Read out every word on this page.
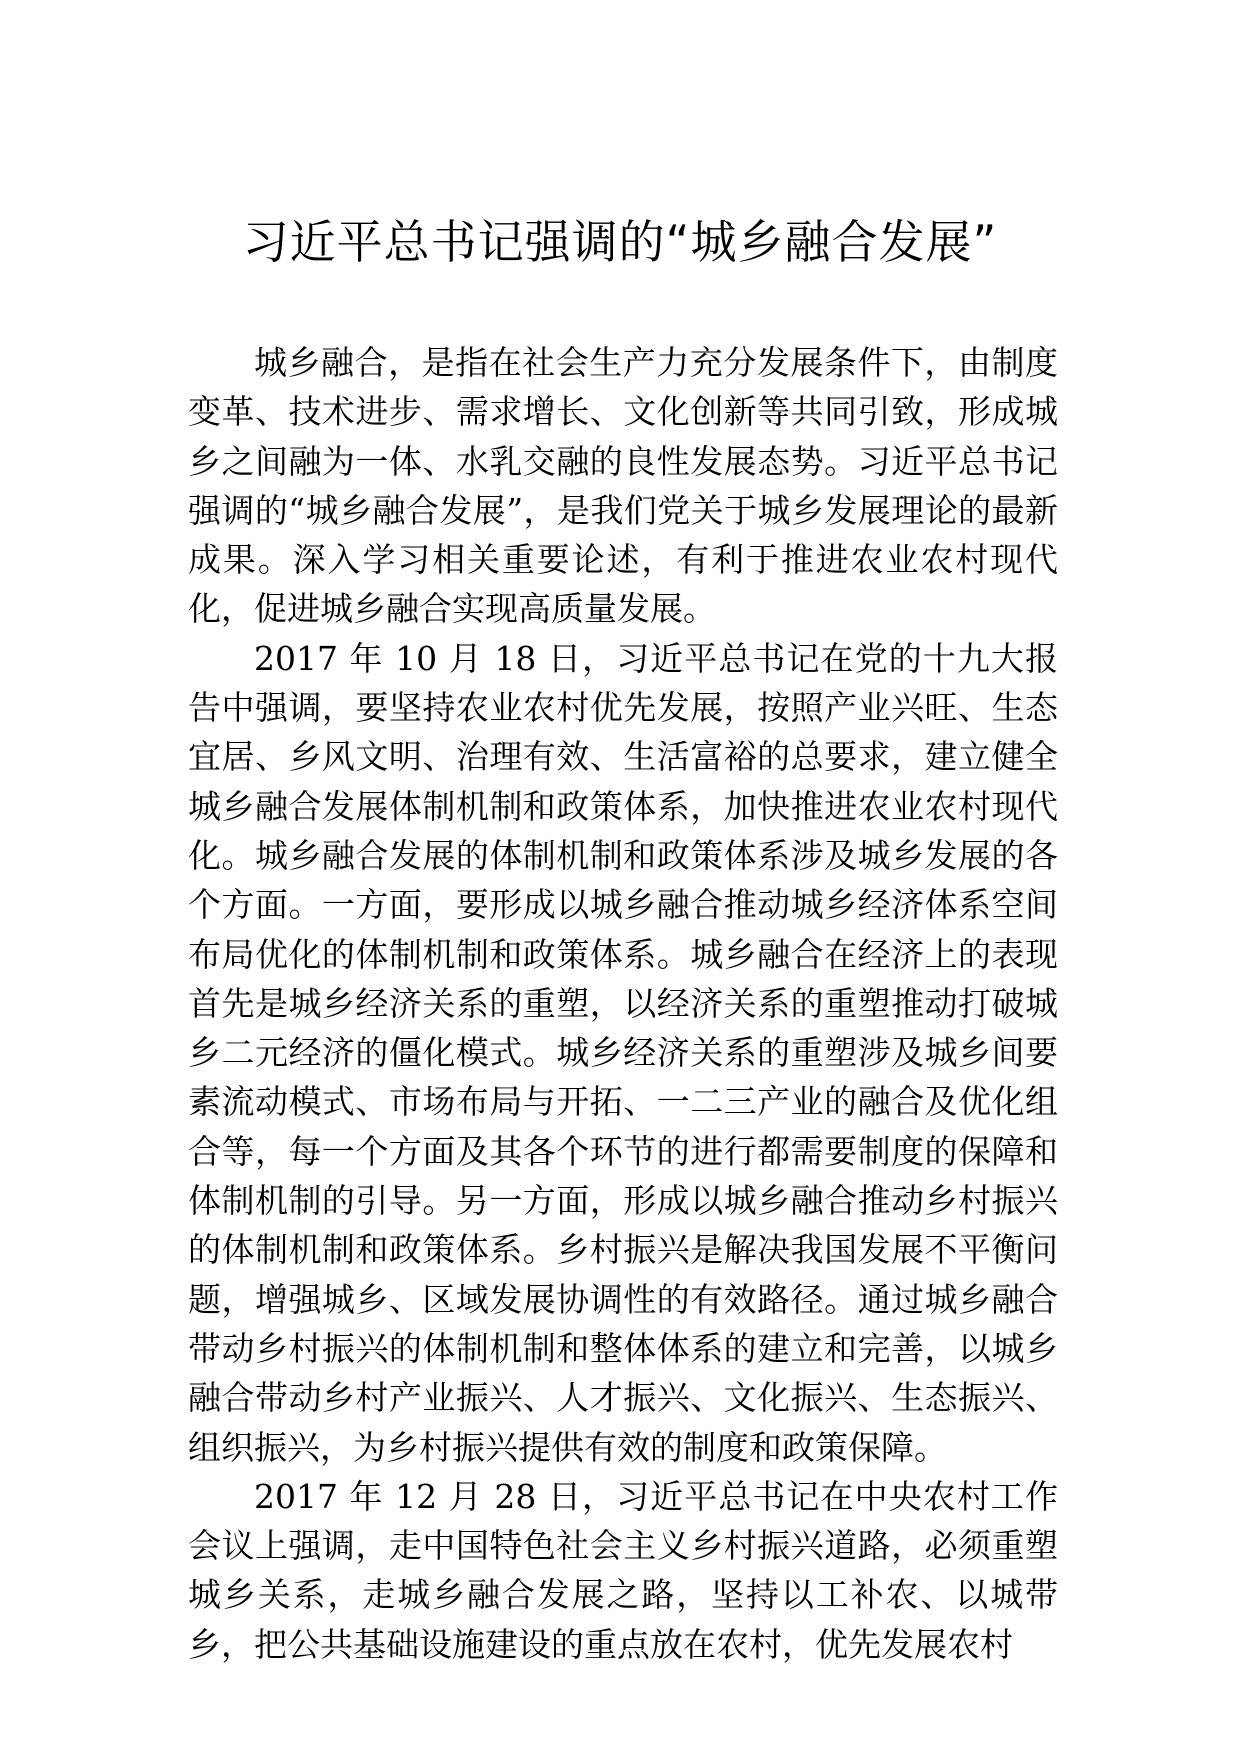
习近平总书记强调的“城乡融合发展”

城乡融合，是指在社会生产力充分发展条件下，由制度变革、技术进步、需求增长、文化创新等共同引致，形成城乡之间融为一体、水乳交融的良性发展态势。习近平总书记强调的“城乡融合发展”，是我们党关于城乡发展理论的最新成果。深入学习相关重要论述，有利于推进农业农村现代化，促进城乡融合实现高质量发展。

2017 年 10 月 18 日，习近平总书记在党的十九大报告中强调，要坚持农业农村优先发展，按照产业兴旺、生态宜居、乡风文明、治理有效、生活富裕的总要求，建立健全城乡融合发展体制机制和政策体系，加快推进农业农村现代化。城乡融合发展的体制机制和政策体系涉及城乡发展的各个方面。一方面，要形成以城乡融合推动城乡经济体系空间布局优化的体制机制和政策体系。城乡融合在经济上的表现首先是城乡经济关系的重塑，以经济关系的重塑推动打破城乡二元经济的僵化模式。城乡经济关系的重塑涉及城乡间要素流动模式、市场布局与开拓、一二三产业的融合及优化组合等，每一个方面及其各个环节的进行都需要制度的保障和体制机制的引导。另一方面，形成以城乡融合推动乡村振兴的体制机制和政策体系。乡村振兴是解决我国发展不平衡问题，增强城乡、区域发展协调性的有效路径。通过城乡融合带动乡村振兴的体制机制和整体体系的建立和完善，以城乡融合带动乡村产业振兴、人才振兴、文化振兴、生态振兴、组织振兴，为乡村振兴提供有效的制度和政策保障。

2017 年 12 月 28 日，习近平总书记在中央农村工作会议上强调，走中国特色社会主义乡村振兴道路，必须重塑城乡关系，走城乡融合发展之路，坚持以工补农、以城带乡，把公共基础设施建设的重点放在农村，优先发展农村
